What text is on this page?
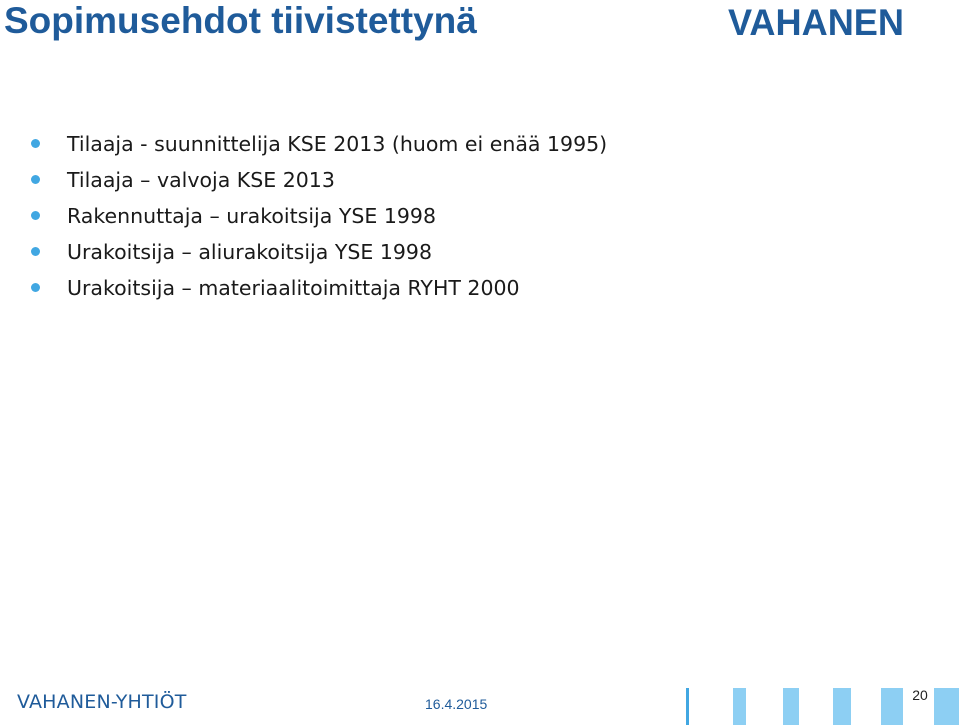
Sopimusehdot tiivistettynä	VAHANEN
Tilaaja - suunnittelija KSE 2013 (huom ei enää 1995)
Tilaaja – valvoja KSE 2013
Rakennuttaja – urakoitsija YSE 1998
Urakoitsija – aliurakoitsija YSE 1998
Urakoitsija – materiaalitoimittaja RYHT 2000
VAHANEN-YHTIÖT	16.4.2015
20
